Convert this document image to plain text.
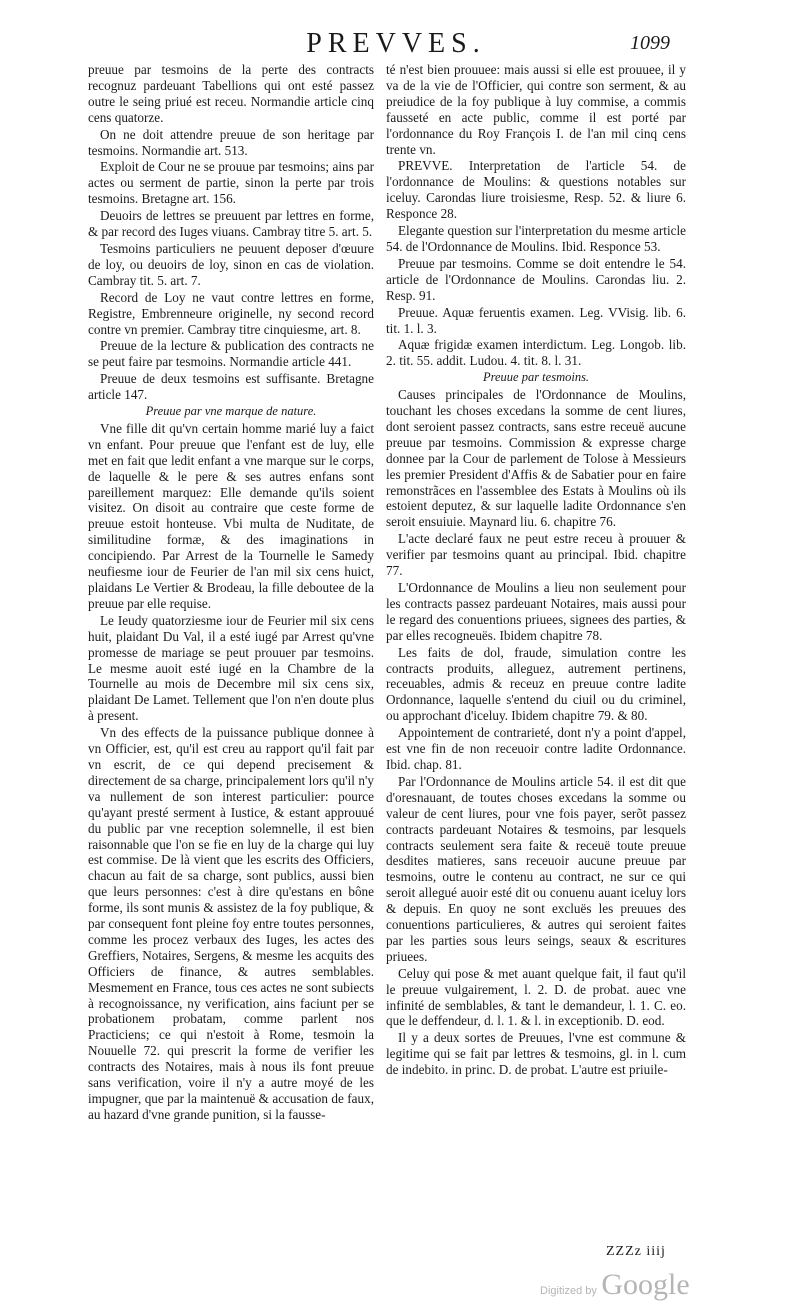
PREVVES.	1099

preuue par tesmoins de la perte des contracts recognuz pardeuant Tabellions qui ont esté passez outre le seing priué est receu. Normandie article cinq cens quatorze.

On ne doit attendre preuue de son heritage par tesmoins. Normandie art. 513.

Exploit de Cour ne se prouue par tesmoins; ains par actes ou serment de partie, sinon la perte par trois tesmoins. Bretagne art. 156.

Deuoirs de lettres se preuuent par lettres en forme, & par record des Iuges viuans. Cambray titre 5. art. 5.

Tesmoins particuliers ne peuuent deposer d'œuure de loy, ou deuoirs de loy, sinon en cas de violation. Cambray tit. 5. art. 7.

Record de Loy ne vaut contre lettres en forme, Registre, Embrenneure originelle, ny second record contre vn premier. Cambray titre cinquiesme, art. 8.

Preuue de la lecture & publication des contracts ne se peut faire par tesmoins. Normandie article 441.

Preuue de deux tesmoins est suffisante. Bretagne article 147.

Preuue par vne marque de nature.

Vne fille dit qu'vn certain homme marié luy a faict vn enfant. Pour preuue que l'enfant est de luy, elle met en fait que ledit enfant a vne marque sur le corps, de laquelle & le pere & ses autres enfans sont pareillement marquez: Elle demande qu'ils soient visitez. On disoit au contraire que ceste forme de preuue estoit honteuse. Vbi multa de Nuditate, de similitudine formæ, & des imaginations in concipiendo. Par Arrest de la Tournelle le Samedy neufiesme iour de Feurier de l'an mil six cens huict, plaidans Le Vertier & Brodeau, la fille deboutee de la preuue par elle requise.

Le Ieudy quatorziesme iour de Feurier mil six cens huit, plaidant Du Val, il a esté iugé par Arrest qu'vne promesse de mariage se peut prouuer par tesmoins. Le mesme auoit esté iugé en la Chambre de la Tournelle au mois de Decembre mil six cens six, plaidant De Lamet. Tellement que l'on n'en doute plus à present.

Vn des effects de la puissance publique donnee à vn Officier, est, qu'il est creu au rapport qu'il fait par vn escrit, de ce qui depend precisement & directement de sa charge, principalement lors qu'il n'y va nullement de son interest particulier: pource qu'ayant presté serment à Iustice, & estant approuué du public par vne reception solemnelle, il est bien raisonnable que l'on se fie en luy de la charge qui luy est commise. De là vient que les escrits des Officiers, chacun au fait de sa charge, sont publics, aussi bien que leurs personnes: c'est à dire qu'estans en bône forme, ils sont munis & assistez de la foy publique, & par consequent font pleine foy entre toutes personnes, comme les procez verbaux des Iuges, les actes des Greffiers, Notaires, Sergens, & mesme les acquits des Officiers de finance, & autres semblables. Mesmement en France, tous ces actes ne sont subiects à recognoissance, ny verification, ains faciunt per se probationem probatam, comme parlent nos Practiciens; ce qui n'estoit à Rome, tesmoin la Nouuelle 72. qui prescrit la forme de verifier les contracts des Notaires, mais à nous ils font preuue sans verification, voire il n'y a autre moyé de les impugner, que par la maintenuë & accusation de faux, au hazard d'vne grande punition, si la fausse-

té n'est bien prouuee: mais aussi si elle est prouuee, il y va de la vie de l'Officier, qui contre son serment, & au preiudice de la foy publique à luy commise, a commis fausseté en acte public, comme il est porté par l'ordonnance du Roy François I. de l'an mil cinq cens trente vn.

PREVVE. Interpretation de l'article 54. de l'ordonnance de Moulins: & questions notables sur iceluy. Carondas liure troisiesme, Resp. 52. & liure 6. Responce 28.

Elegante question sur l'interpretation du mesme article 54. de l'Ordonnance de Moulins. Ibid. Responce 53.

Preuue par tesmoins. Comme se doit entendre le 54. article de l'Ordonnance de Moulins. Carondas liu. 2. Resp. 91.

Preuue. Aquæ feruentis examen. Leg. VVisig. lib. 6. tit. 1. l. 3.

Aquæ frigidæ examen interdictum. Leg. Longob. lib. 2. tit. 55. addit. Ludou. 4. tit. 8. l. 31.

Preuue par tesmoins.

Causes principales de l'Ordonnance de Moulins, touchant les choses excedans la somme de cent liures, dont seroient passez contracts, sans estre receuë aucune preuue par tesmoins. Commission & expresse charge donnee par la Cour de parlement de Tolose à Messieurs les premier President d'Affis & de Sabatier pour en faire remonstrãces en l'assemblee des Estats à Moulins où ils estoient deputez, & sur laquelle ladite Ordonnance s'en seroit ensuiuie. Maynard liu. 6. chapitre 76.

L'acte declaré faux ne peut estre receu à prouuer & verifier par tesmoins quant au principal. Ibid. chapitre 77.

L'Ordonnance de Moulins a lieu non seulement pour les contracts passez pardeuant Notaires, mais aussi pour le regard des conuentions priuees, signees des parties, & par elles recogneuës. Ibidem chapitre 78.

Les faits de dol, fraude, simulation contre les contracts produits, alleguez, autrement pertinens, receuables, admis & receuz en preuue contre ladite Ordonnance, laquelle s'entend du ciuil ou du criminel, ou approchant d'iceluy. Ibidem chapitre 79. & 80.

Appointement de contrarieté, dont n'y a point d'appel, est vne fin de non receuoir contre ladite Ordonnance. Ibid. chap. 81.

Par l'Ordonnance de Moulins article 54. il est dit que d'oresnauant, de toutes choses excedans la somme ou valeur de cent liures, pour vne fois payer, serõt passez contracts pardeuant Notaires & tesmoins, par lesquels contracts seulement sera faite & receuë toute preuue desdites matieres, sans receuoir aucune preuue par tesmoins, outre le contenu au contract, ne sur ce qui seroit allegué auoir esté dit ou conuenu auant iceluy lors & depuis. En quoy ne sont excluës les preuues des conuentions particulieres, & autres qui seroient faites par les parties sous leurs seings, seaux & escritures priuees.

Celuy qui pose & met auant quelque fait, il faut qu'il le preuue vulgairement, l. 2. D. de probat. auec vne infinité de semblables, & tant le demandeur, l. 1. C. eo. que le deffendeur, d. l. 1. & l. in exceptionib. D. eod.

Il y a deux sortes de Preuues, l'vne est commune & legitime qui se fait par lettres & tesmoins, gl. in l. cum de indebito. in princ. D. de probat. L'autre est priuile-

ZZZz iiij
Digitized by Google
